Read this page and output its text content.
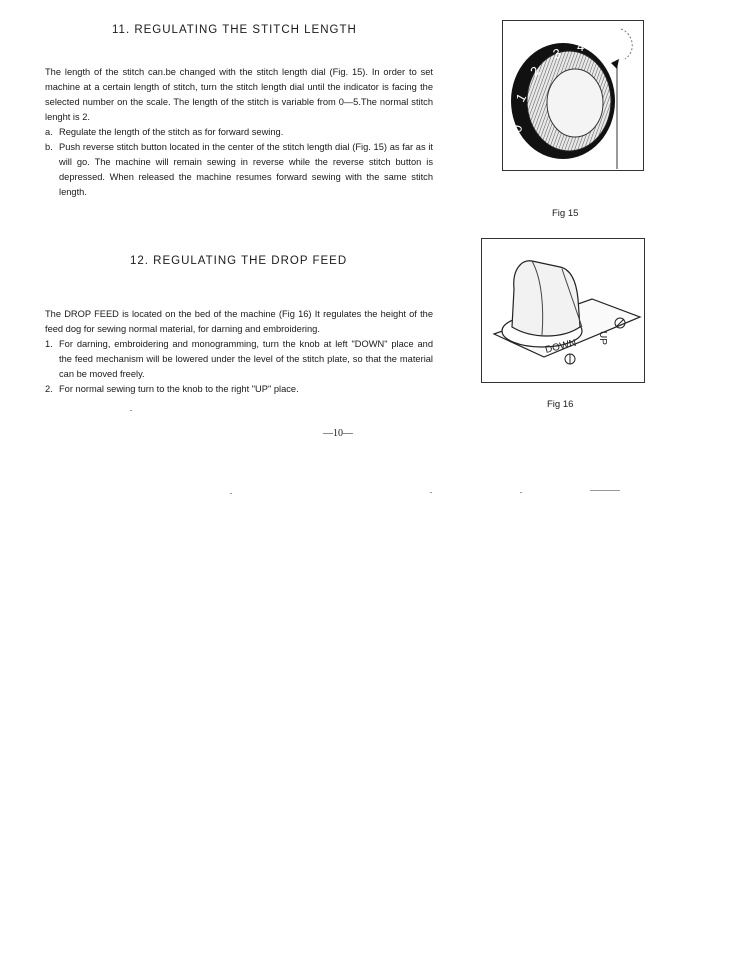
11. REGULATING THE STITCH LENGTH

The length of the stitch can.be changed with the stitch length dial (Fig. 15). In order to set machine at a certain length of stitch, turn the stitch length dial until the indicator is facing the selected number on the scale. The length of the stitch is variable from 0—5.The normal stitch lenght is 2.

a. Regulate the length of the stitch as for forward sewing.
b. Push reverse stitch button located in the center of the stitch length dial (Fig. 15) as far as it will go. The machine will remain sewing in reverse while the reverse stitch button is depressed. When released the machine resumes forward sewing with the same stitch length.
0
1
2
3 4
Fig 15
12. REGULATING THE DROP FEED

The DROP FEED is located on the bed of the machine (Fig 16) It regulates the height of the feed dog for sewing normal material, for darning and embroidering.

1. For darning, embroidering and monogramming, turn the knob at left "DOWN" place and the feed mechanism will be lowered under the level of the stitch plate, so that the material can be moved freely.
2. For normal sewing turn to the knob to the right "UP" place.
UP
DOWN
Fig 16
—10—
